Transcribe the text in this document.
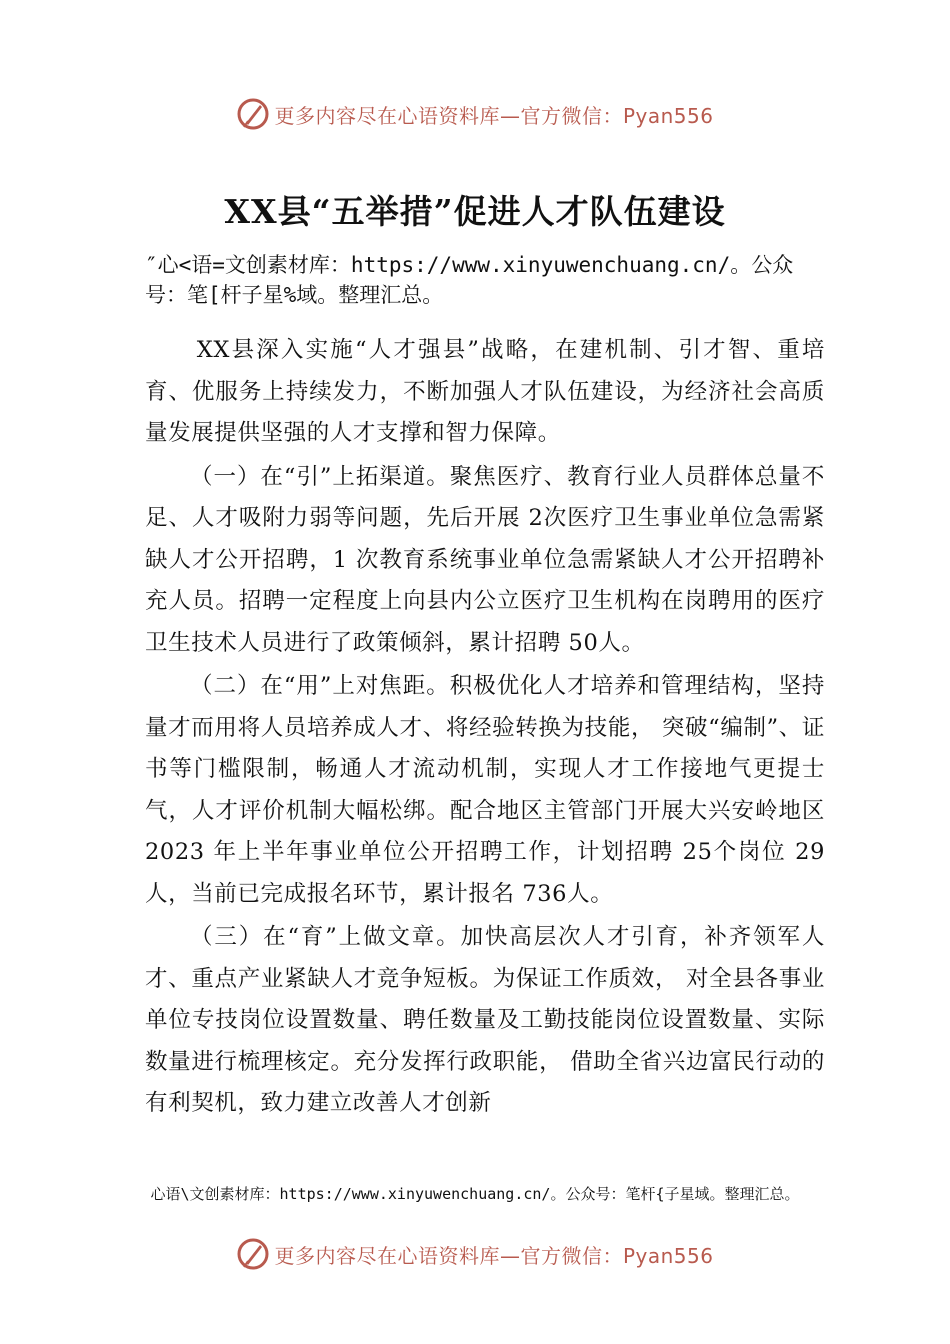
更多内容尽在心语资料库—官方微信：Pyan556
XX县“五举措”促进人才队伍建设
″心<语=文创素材库：https://www.xinyuwenchuang.cn/。公众号：笔[杆子星%域。整理汇总。

XX县深入实施“人才强县”战略，在建机制、引才智、重培育、优服务上持续发力，不断加强人才队伍建设，为经济社会高质量发展提供坚强的人才支撑和智力保障。

（一）在“引”上拓渠道。聚焦医疗、教育行业人员群体总量不足、人才吸附力弱等问题，先后开展 2次医疗卫生事业单位急需紧缺人才公开招聘，1 次教育系统事业单位急需紧缺人才公开招聘补充人员。招聘一定程度上向县内公立医疗卫生机构在岗聘用的医疗卫生技术人员进行了政策倾斜，累计招聘 50人。

（二）在“用”上对焦距。积极优化人才培养和管理结构，坚持量才而用将人员培养成人才、将经验转换为技能， 突破“编制”、证书等门槛限制，畅通人才流动机制，实现人才工作接地气更提士气，人才评价机制大幅松绑。配合地区主管部门开展大兴安岭地区 2023 年上半年事业单位公开招聘工作，计划招聘 25个岗位 29人，当前已完成报名环节，累计报名 736人。

（三）在“育”上做文章。加快高层次人才引育，补齐领军人才、重点产业紧缺人才竞争短板。为保证工作质效， 对全县各事业单位专技岗位设置数量、聘任数量及工勤技能岗位设置数量、实际数量进行梳理核定。充分发挥行政职能， 借助全省兴边富民行动的有利契机，致力建立改善人才创新

心语\文创素材库：https://www.xinyuwenchuang.cn/。公众号：笔杆{子星域。整理汇总。
更多内容尽在心语资料库—官方微信：Pyan556
